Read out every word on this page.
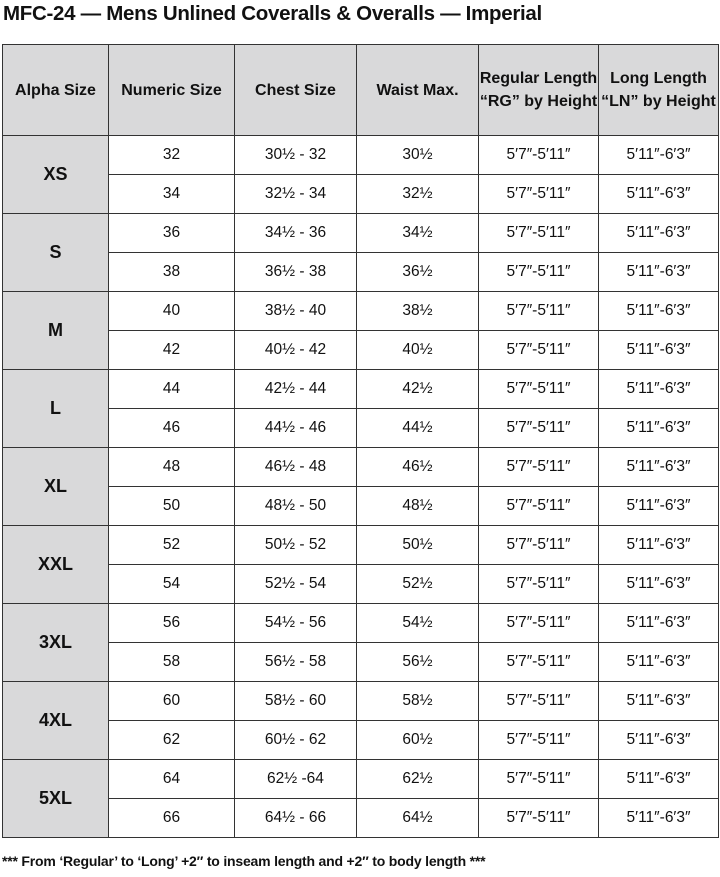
MFC-24 — Mens Unlined Coveralls & Overalls — Imperial
Alpha Size	Numeric Size	Chest Size	Waist Max.	Regular Length “RG” by Height	Long Length “LN” by Height
XS	32	30½ - 32	30½	5′7″-5′11″	5′11″-6′3″
	34	32½ - 34	32½	5′7″-5′11″	5′11″-6′3″
S	36	34½ - 36	34½	5′7″-5′11″	5′11″-6′3″
	38	36½ - 38	36½	5′7″-5′11″	5′11″-6′3″
M	40	38½ - 40	38½	5′7″-5′11″	5′11″-6′3″
	42	40½ - 42	40½	5′7″-5′11″	5′11″-6′3″
L	44	42½ - 44	42½	5′7″-5′11″	5′11″-6′3″
	46	44½ - 46	44½	5′7″-5′11″	5′11″-6′3″
XL	48	46½ - 48	46½	5′7″-5′11″	5′11″-6′3″
	50	48½ - 50	48½	5′7″-5′11″	5′11″-6′3″
XXL	52	50½ - 52	50½	5′7″-5′11″	5′11″-6′3″
	54	52½ - 54	52½	5′7″-5′11″	5′11″-6′3″
3XL	56	54½ - 56	54½	5′7″-5′11″	5′11″-6′3″
	58	56½ - 58	56½	5′7″-5′11″	5′11″-6′3″
4XL	60	58½ - 60	58½	5′7″-5′11″	5′11″-6′3″
	62	60½ - 62	60½	5′7″-5′11″	5′11″-6′3″
5XL	64	62½ -64	62½	5′7″-5′11″	5′11″-6′3″
	66	64½ - 66	64½	5′7″-5′11″	5′11″-6′3″
*** From ‘Regular’ to ‘Long’ +2″ to inseam length and +2″ to body length ***
